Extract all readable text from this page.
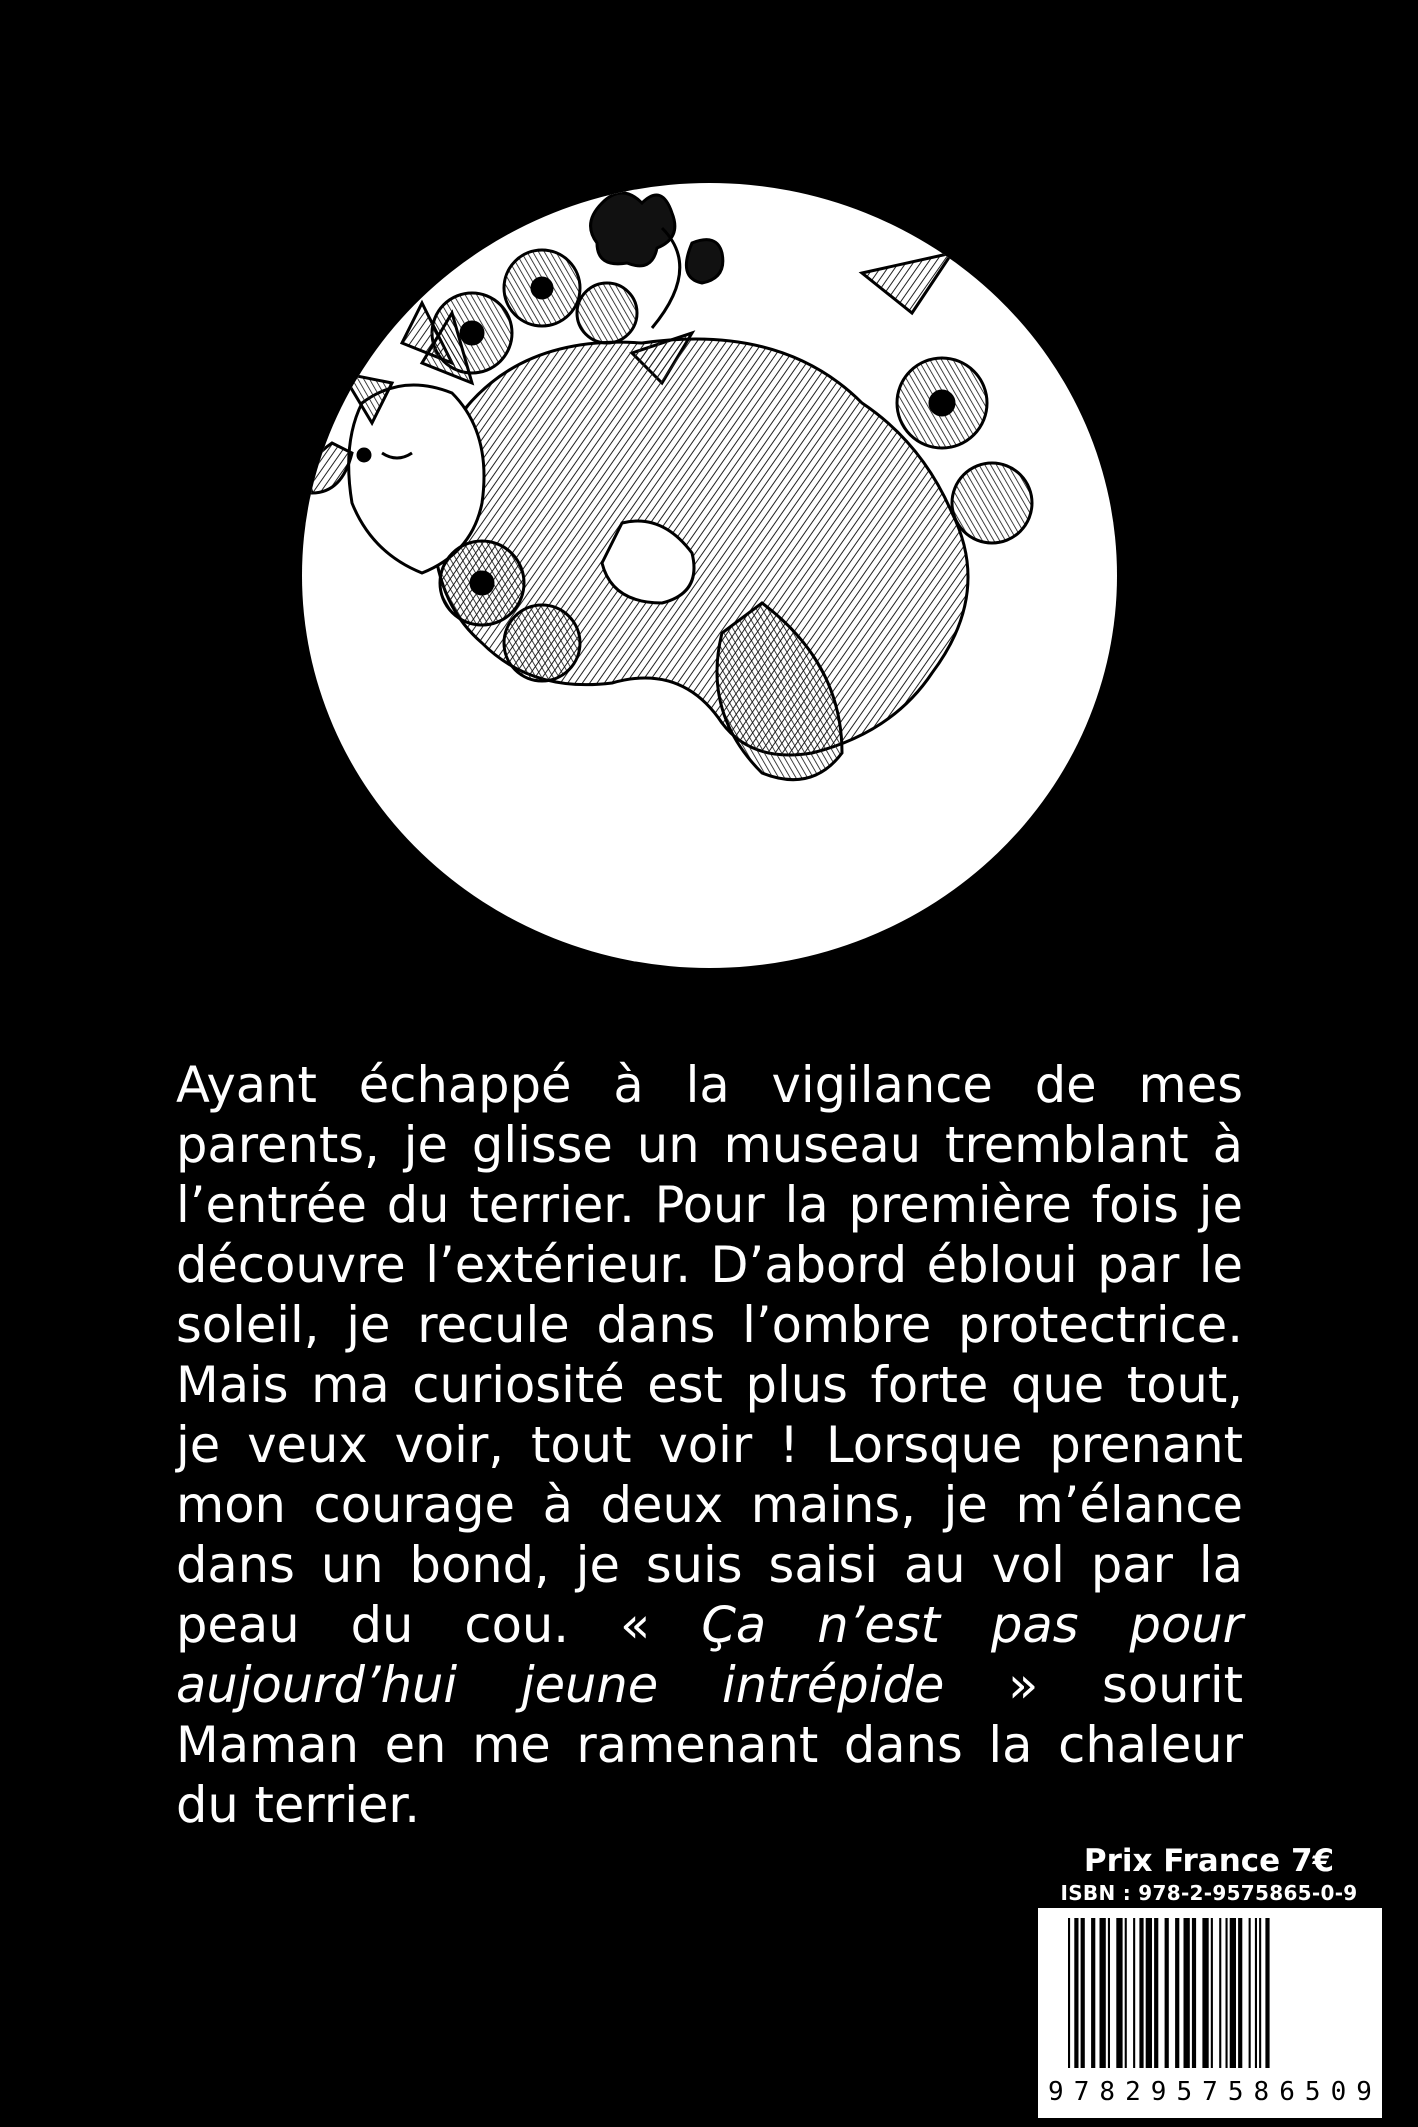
Ayant échappé à la vigilance de mes parents, je glisse un museau tremblant à l’entrée du terrier. Pour la première fois je découvre l’extérieur. D’abord ébloui par le soleil, je recule dans l’ombre protectrice. Mais ma curiosité est plus forte que tout, je veux voir, tout voir ! Lorsque prenant mon courage à deux mains, je m’élance dans un bond, je suis saisi au vol par la peau du cou. « Ça n’est pas pour aujourd’hui jeune intrépide » sourit Maman en me ramenant dans la chaleur du terrier.

Prix France 7€
ISBN : 978-2-9575865-0-9
9 7 8 2 9 5 7 5 8 6 5 0 9
